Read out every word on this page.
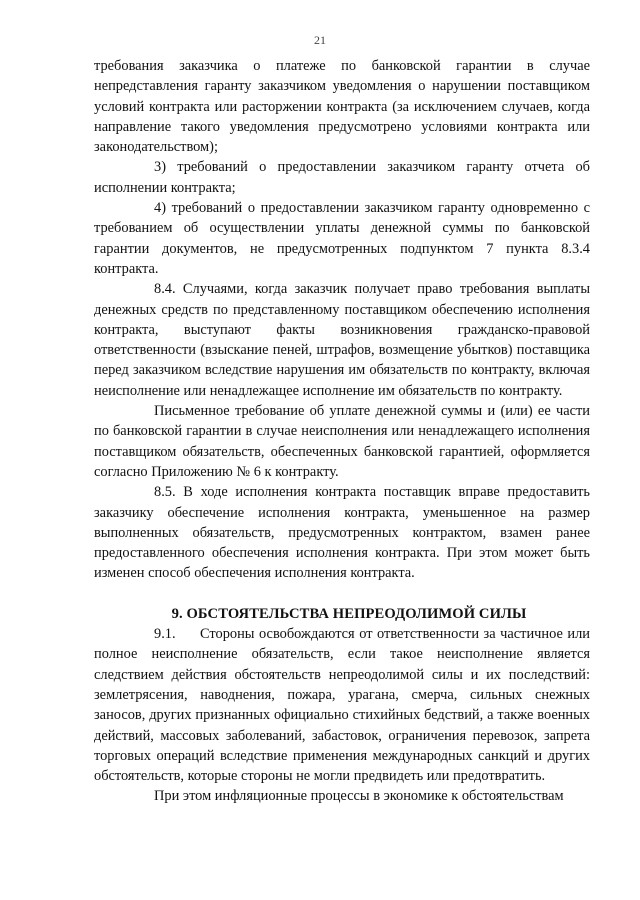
21

требования заказчика о платеже по банковской гарантии в случае непредставления гаранту заказчиком уведомления о нарушении поставщиком условий контракта или расторжении контракта (за исключением случаев, когда направление такого уведомления предусмотрено условиями контракта или законодательством);

3) требований о предоставлении заказчиком гаранту отчета об исполнении контракта;

4) требований о предоставлении заказчиком гаранту одновременно с требованием об осуществлении уплаты денежной суммы по банковской гарантии документов, не предусмотренных подпунктом 7 пункта 8.3.4 контракта.

8.4. Случаями, когда заказчик получает право требования выплаты денежных средств по представленному поставщиком обеспечению исполнения контракта, выступают факты возникновения гражданско-правовой ответственности (взыскание пеней, штрафов, возмещение убытков) поставщика перед заказчиком вследствие нарушения им обязательств по контракту, включая неисполнение или ненадлежащее исполнение им обязательств по контракту.

Письменное требование об уплате денежной суммы и (или) ее части по банковской гарантии в случае неисполнения или ненадлежащего исполнения поставщиком обязательств, обеспеченных банковской гарантией, оформляется согласно Приложению № 6 к контракту.

8.5. В ходе исполнения контракта поставщик вправе предоставить заказчику обеспечение исполнения контракта, уменьшенное на размер выполненных обязательств, предусмотренных контрактом, взамен ранее предоставленного обеспечения исполнения контракта. При этом может быть изменен способ обеспечения исполнения контракта.

9. ОБСТОЯТЕЛЬСТВА НЕПРЕОДОЛИМОЙ СИЛЫ

9.1. Стороны освобождаются от ответственности за частичное или полное неисполнение обязательств, если такое неисполнение является следствием действия обстоятельств непреодолимой силы и их последствий: землетрясения, наводнения, пожара, урагана, смерча, сильных снежных заносов, других признанных официально стихийных бедствий, а также военных действий, массовых заболеваний, забастовок, ограничения перевозок, запрета торговых операций вследствие применения международных санкций и других обстоятельств, которые стороны не могли предвидеть или предотвратить.

При этом инфляционные процессы в экономике к обстоятельствам
